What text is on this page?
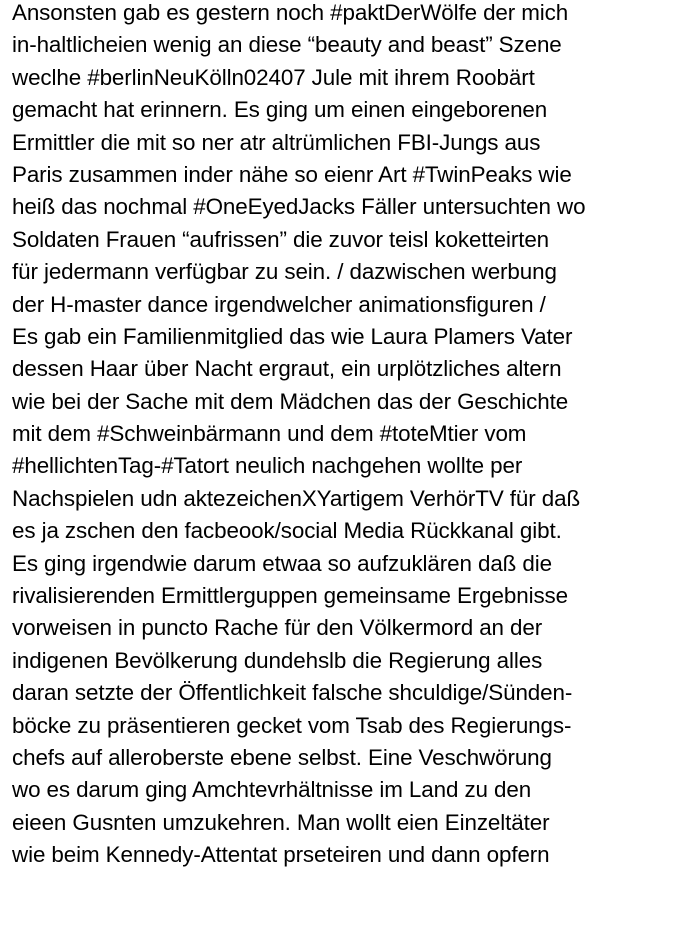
Ansonsten gab es gestern noch #paktDerWölfe der mich
in-haltlicheien wenig an diese “beauty and beast” Szene
weclhe #berlinNeuKölln02407 Jule mit ihrem Roobärt
gemacht hat erinnern. Es ging um einen eingeborenen
Ermittler die mit so ner atr altrümlichen FBI-Jungs aus
Paris zusammen inder nähe so eienr Art #TwinPeaks wie
heiß das nochmal #OneEyedJacks Fäller untersuchten wo
Soldaten Frauen “aufrissen” die zuvor teisl koketteirten
für jedermann verfügbar zu sein. / dazwischen werbung
der H-master dance irgendwelcher animationsfiguren /
Es gab ein Familienmitglied das wie Laura Plamers Vater
dessen Haar über Nacht ergraut, ein urplötzliches altern
wie bei der Sache mit dem Mädchen das der Geschichte
mit dem #Schweinbärmann und dem #toteMtier vom
#hellichtenTag-#Tatort neulich nachgehen wollte per
Nachspielen udn aktezeichenXYartigem VerhörTV für daß
es ja zschen den facbeook/social Media Rückkanal gibt.
Es ging irgendwie darum etwaa so aufzuklären daß die
rivalisierenden Ermittlerguppen gemeinsame Ergebnisse
vorweisen in puncto Rache für den Völkermord an der
indigenen Bevölkerung dundehslb die Regierung alles
daran setzte der Öffentlichkeit falsche shculdige/Sünden-
böcke zu präsentieren gecket vom Tsab des Regierungs-
chefs auf alleroberste ebene selbst. Eine Veschwörung
wo es darum ging Amchtevrhältnisse im Land zu den
eieen Gusnten umzukehren. Man wollt eien Einzeltäter
wie beim Kennedy-Attentat prseteiren und dann opfern
